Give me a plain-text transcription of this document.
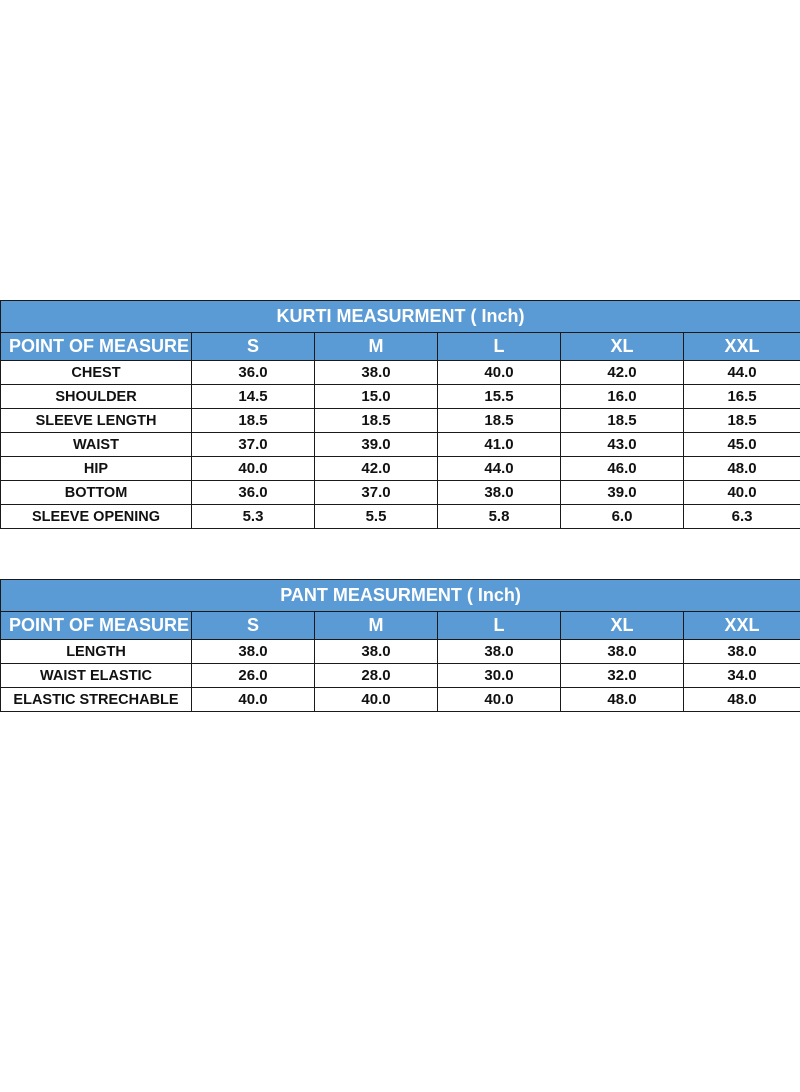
KURTI MEASURMENT ( Inch)					
POINT OF MEASURE	S	M	L	XL	XXL
CHEST	36.0	38.0	40.0	42.0	44.0
SHOULDER	14.5	15.0	15.5	16.0	16.5
SLEEVE LENGTH	18.5	18.5	18.5	18.5	18.5
WAIST	37.0	39.0	41.0	43.0	45.0
HIP	40.0	42.0	44.0	46.0	48.0
BOTTOM	36.0	37.0	38.0	39.0	40.0
SLEEVE OPENING	5.3	5.5	5.8	6.0	6.3
PANT MEASURMENT ( Inch)					
POINT OF MEASURE	S	M	L	XL	XXL
LENGTH	38.0	38.0	38.0	38.0	38.0
WAIST ELASTIC	26.0	28.0	30.0	32.0	34.0
ELASTIC STRECHABLE	40.0	40.0	40.0	48.0	48.0
